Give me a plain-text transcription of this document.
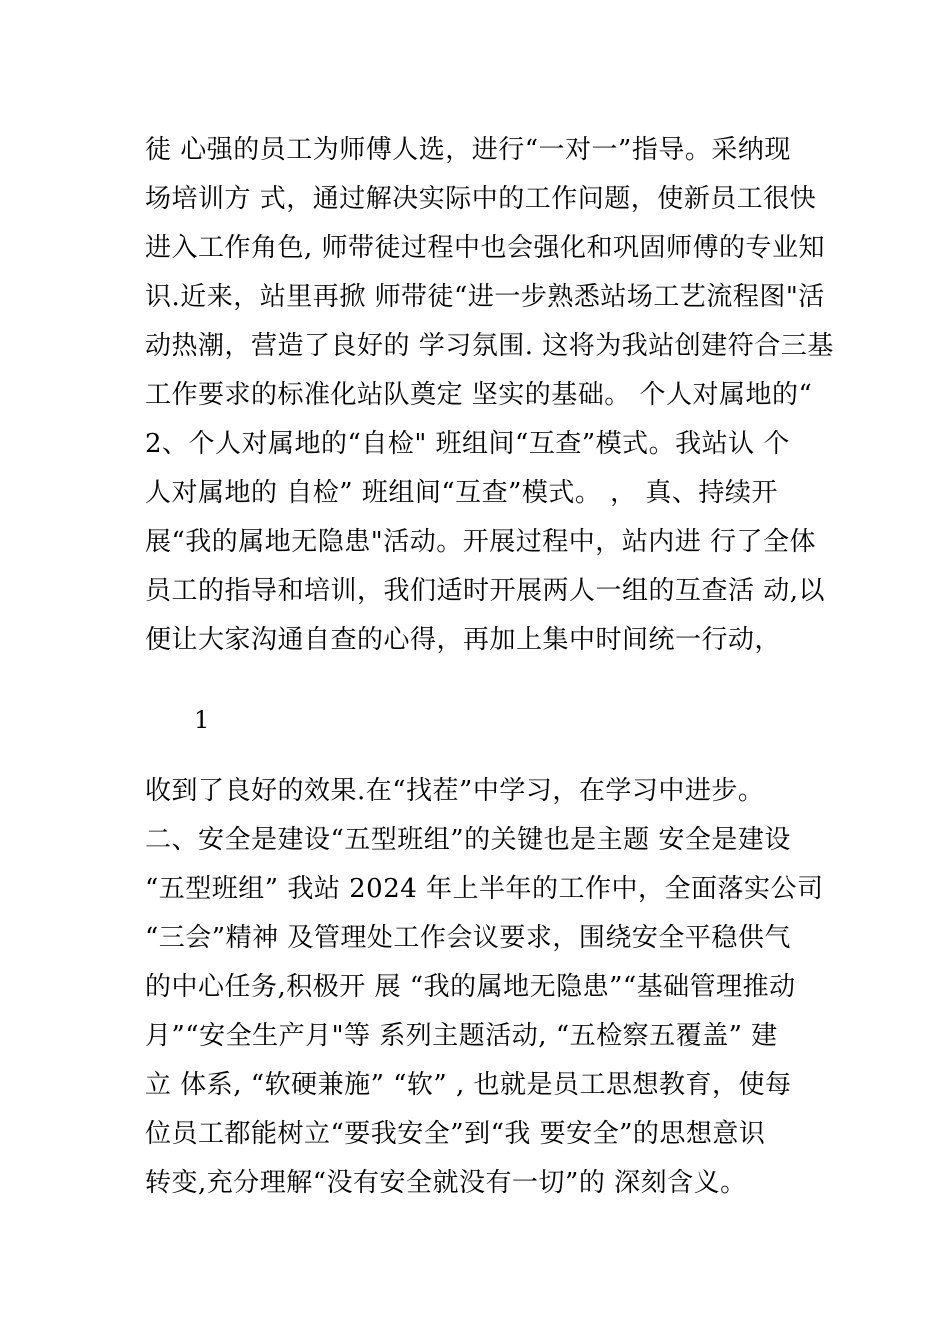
徒 心强的员工为师傅人选，进行“一对一”指导。采纳现
场培训方 式，通过解决实际中的工作问题，使新员工很快
进入工作角色, 师带徒过程中也会强化和巩固师傅的专业知
识.近来，站里再掀 师带徒“进一步熟悉站场工艺流程图"活
动热潮，营造了良好的 学习氛围. 这将为我站创建符合三基
工作要求的标准化站队奠定 坚实的基础。 个人对属地的“
2、个人对属地的“自检" 班组间“互查”模式。我站认 个
人对属地的 自检” 班组间“互查”模式。 ， 真、持续开
展“我的属地无隐患"活动。开展过程中，站内进 行了全体
员工的指导和培训，我们适时开展两人一组的互查活 动,以
便让大家沟通自查的心得，再加上集中时间统一行动，
1
收到了良好的效果.在“找茬”中学习，在学习中进步。
二、安全是建设“五型班组”的关键也是主题 安全是建设
“五型班组” 我站 2024 年上半年的工作中，全面落实公司
“三会”精神 及管理处工作会议要求，围绕安全平稳供气
的中心任务,积极开 展 “我的属地无隐患”“基础管理推动
月”“安全生产月"等 系列主题活动, “五检察五覆盖” 建
立 体系, “软硬兼施” “软” , 也就是员工思想教育，使每
位员工都能树立“要我安全”到“我 要安全”的思想意识
转变,充分理解“没有安全就没有一切”的 深刻含义。
